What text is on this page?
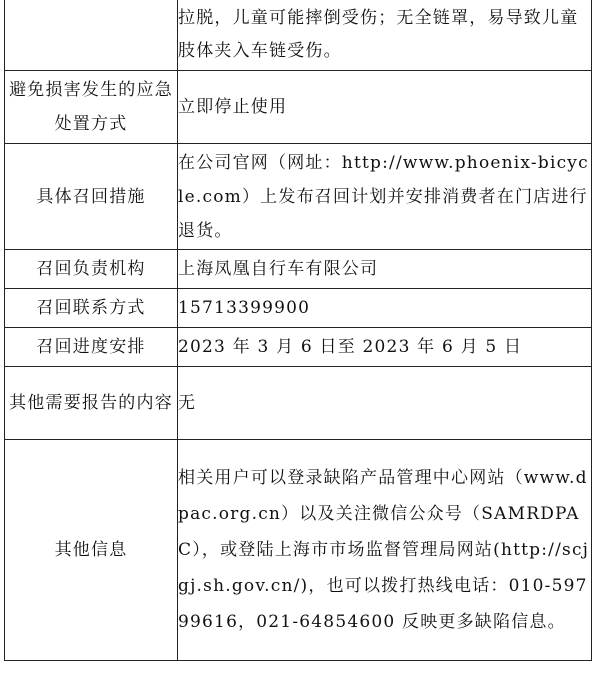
	拉脱，儿童可能摔倒受伤；无全链罩，易导致儿童肢体夹入车链受伤。
避免损害发生的应急处置方式	立即停止使用
具体召回措施	在公司官网（网址：http://www.phoenix-bicycle.com）上发布召回计划并安排消费者在门店进行退货。
召回负责机构	上海凤凰自行车有限公司
召回联系方式	15713399900
召回进度安排	2023 年 3 月 6 日至 2023 年 6 月 5 日
其他需要报告的内容	无
其他信息	相关用户可以登录缺陷产品管理中心网站（www.dpac.org.cn）以及关注微信公众号（SAMRDPAC），或登陆上海市市场监督管理局网站(http://scjgj.sh.gov.cn/)，也可以拨打热线电话：010-59799616，021-64854600 反映更多缺陷信息。
